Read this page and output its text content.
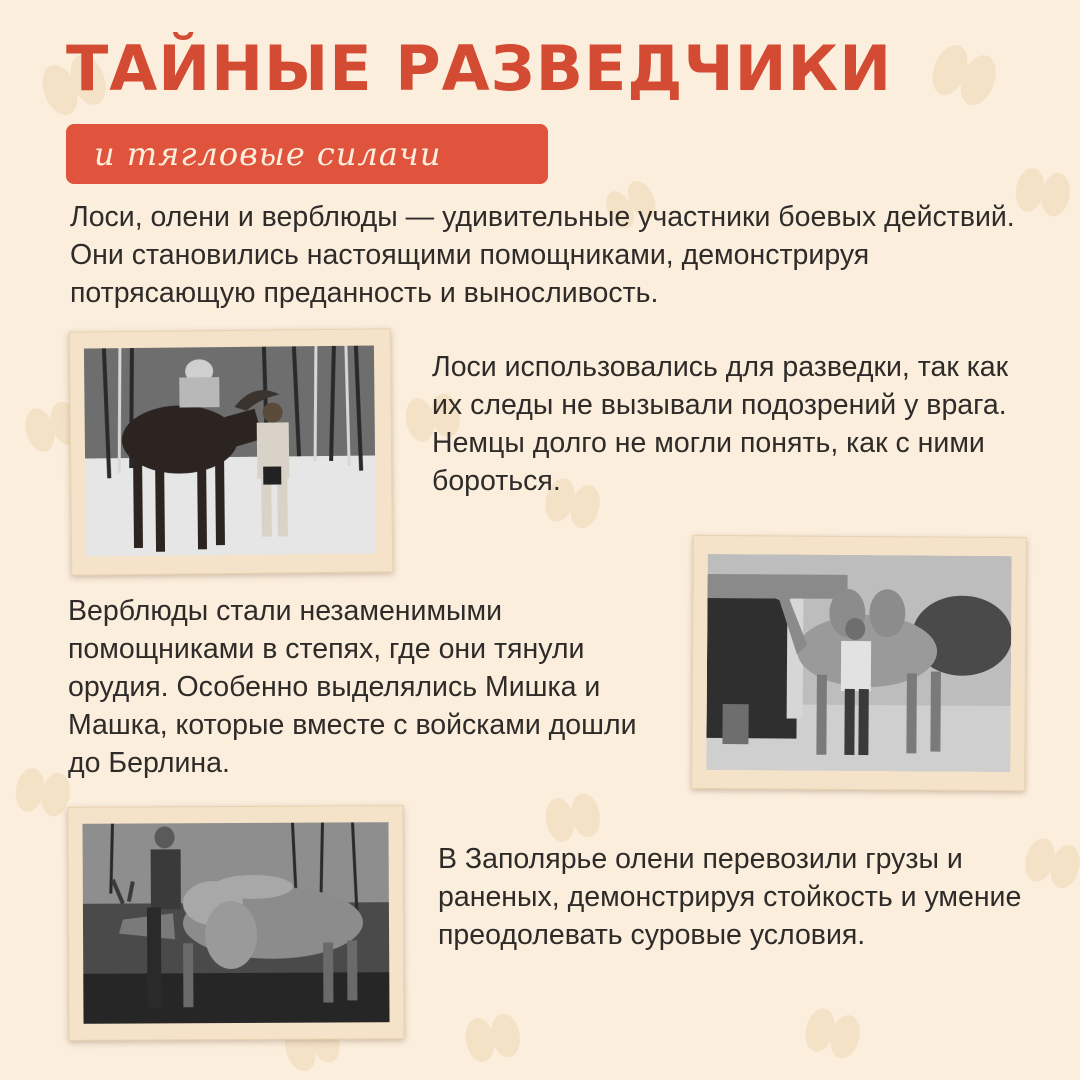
ТАЙНЫЕ РАЗВЕДЧИКИ
и тягловые силачи

Лоси, олени и верблюды — удивительные участники боевых действий. Они становились настоящими помощниками, демонстрируя потрясающую преданность и выносливость.

Лоси использовались для разведки, так как их следы не вызывали подозрений у врага. Немцы долго не могли понять, как с ними бороться.

Верблюды стали незаменимыми помощниками в степях, где они тянули орудия. Особенно выделялись Мишка и Машка, которые вместе с войсками дошли до Берлина.

В Заполярье олени перевозили грузы и раненых, демонстрируя стойкость и умение преодолевать суровые условия.
